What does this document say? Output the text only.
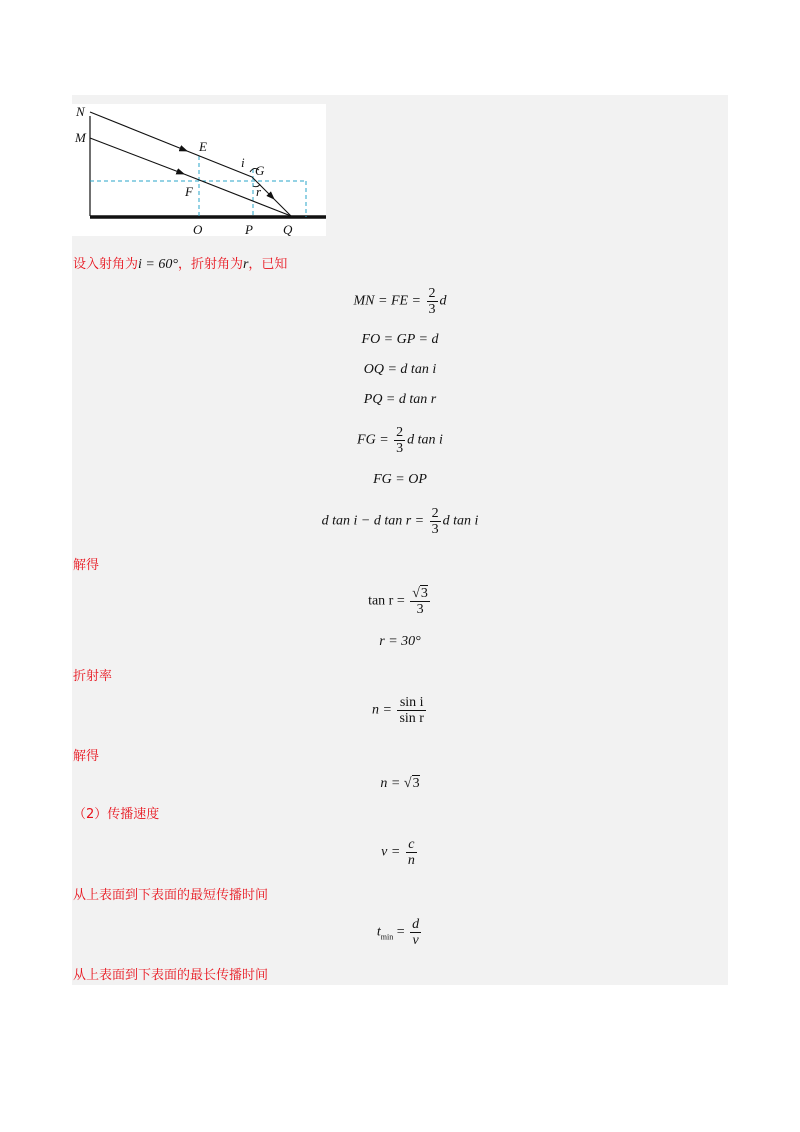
N
M
E
F
G
i
r
O	P Q
设入射角为i = 60°，折射角为r，已知
MN = FE = $\frac{2}{3}$ d
FO = GP = d
OQ = d tan i
PQ = d tan r
FG = $\frac{2}{3}$ d tan i
FG = OP
d tan i − d $\tan r = \frac{2}{3}$ d tan i
解得
$\tan r = \frac{√3}{3}$
r = 30°
折射率
$n = \frac{\text{sin i}}{\text{sin r}}$
解得
n = √3
（2）传播速度
$v = \frac{c}{n}$
从上表面到下表面的最短传播时间
$t_{min} = \frac{d}{v}$
从上表面到下表面的最长传播时间
